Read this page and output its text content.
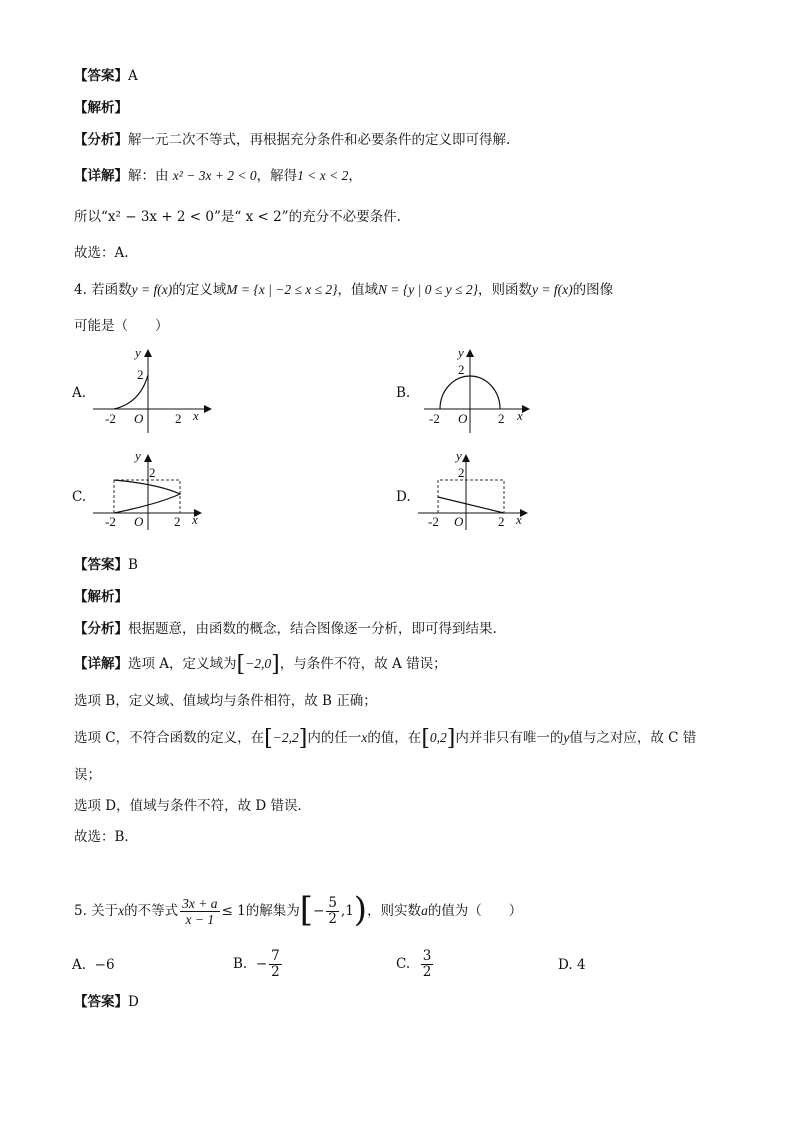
【答案】A
【解析】
【分析】解一元二次不等式，再根据充分条件和必要条件的定义即可得解.
【详解】解：由 x² − 3x + 2 < 0，解得1 < x < 2，
所以“x² − 3x + 2 < 0”是“ x < 2”的充分不必要条件.
故选：A.
4. 若函数y = f(x)的定义域M = {x | −2 ≤ x ≤ 2}，值域N = {y | 0 ≤ y ≤ 2}，则函数y = f(x)的图像
可能是（　　）
A.
y
2
-2 O 2 x
B.
y
2
-2 O 2 x
C.
y
2
-2 O 2 x
D.
y
2
-2 O	2 x
【答案】B
【解析】
【分析】根据题意，由函数的概念，结合图像逐一分析，即可得到结果.
【详解】选项 A，定义域为[−2,0]，与条件不符，故 A 错误；
选项 B，定义域、值域均与条件相符，故 B 正确；
选项 C，不符合函数的定义，在[−2,2]内的任一x的值，在[0,2]内并非只有唯一的y值与之对应，故 C 错
误；
选项 D，值域与条件不符，故 D 错误．
故选：B．
5. 关于x的不等式 $\frac{3x + a}{x - 1} \le 1$的解集为[− $\frac{5}{2} ,1$)，则实数a的值为（　　）
A. −6	B. − $\frac{7}{2}$	C. $\frac{3}{2}$	D. 4
【答案】D
